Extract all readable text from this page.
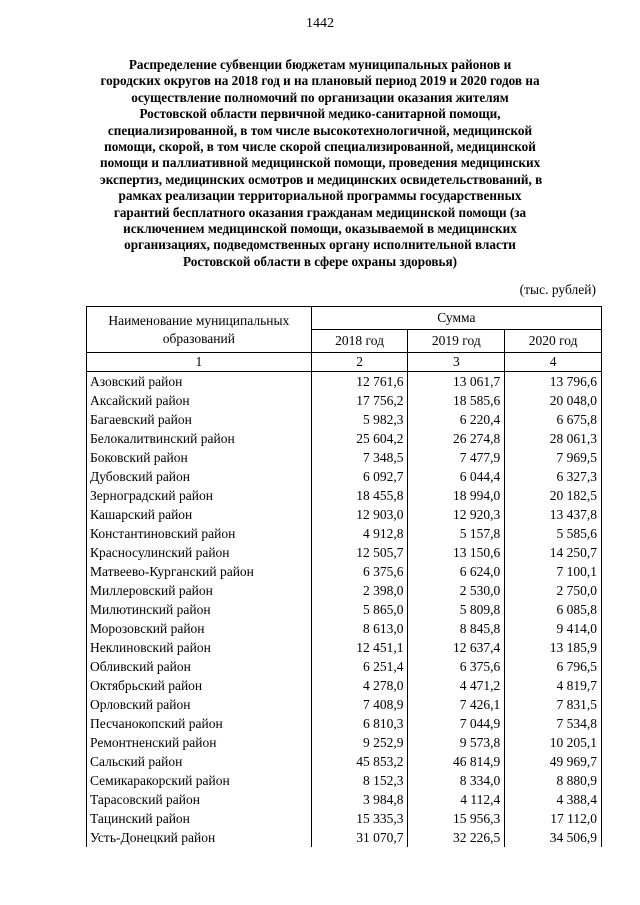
1442
Распределение субвенции бюджетам муниципальных районов и
городских округов на 2018 год и на плановый период 2019 и 2020 годов на
осуществление полномочий по организации оказания жителям
Ростовской области первичной медико-санитарной помощи,
специализированной, в том числе высокотехнологичной, медицинской
помощи, скорой, в том числе скорой специализированной, медицинской
помощи и паллиативной медицинской помощи, проведения медицинских
экспертиз, медицинских осмотров и медицинских освидетельствований, в
рамках реализации территориальной программы государственных
гарантий бесплатного оказания гражданам медицинской помощи (за
исключением медицинской помощи, оказываемой в медицинских
организациях, подведомственных органу исполнительной власти
Ростовской области в сфере охраны здоровья)
(тыс. рублей)
Наименование муниципальных образований	Сумма		
	2018 год	2019 год	2020 год
1	2	3	4
Азовский район	12 761,6	13 061,7	13 796,6
Аксайский район	17 756,2	18 585,6	20 048,0
Багаевский район	5 982,3	6 220,4	6 675,8
Белокалитвинский район	25 604,2	26 274,8	28 061,3
Боковский район	7 348,5	7 477,9	7 969,5
Дубовский район	6 092,7	6 044,4	6 327,3
Зерноградский район	18 455,8	18 994,0	20 182,5
Кашарский район	12 903,0	12 920,3	13 437,8
Константиновский район	4 912,8	5 157,8	5 585,6
Красносулинский район	12 505,7	13 150,6	14 250,7
Матвеево-Курганский район	6 375,6	6 624,0	7 100,1
Миллеровский район	2 398,0	2 530,0	2 750,0
Милютинский район	5 865,0	5 809,8	6 085,8
Морозовский район	8 613,0	8 845,8	9 414,0
Неклиновский район	12 451,1	12 637,4	13 185,9
Обливский район	6 251,4	6 375,6	6 796,5
Октябрьский район	4 278,0	4 471,2	4 819,7
Орловский район	7 408,9	7 426,1	7 831,5
Песчанокопский район	6 810,3	7 044,9	7 534,8
Ремонтненский район	9 252,9	9 573,8	10 205,1
Сальский район	45 853,2	46 814,9	49 969,7
Семикаракорский район	8 152,3	8 334,0	8 880,9
Тарасовский район	3 984,8	4 112,4	4 388,4
Тацинский район	15 335,3	15 956,3	17 112,0
Усть-Донецкий район	31 070,7	32 226,5	34 506,9
